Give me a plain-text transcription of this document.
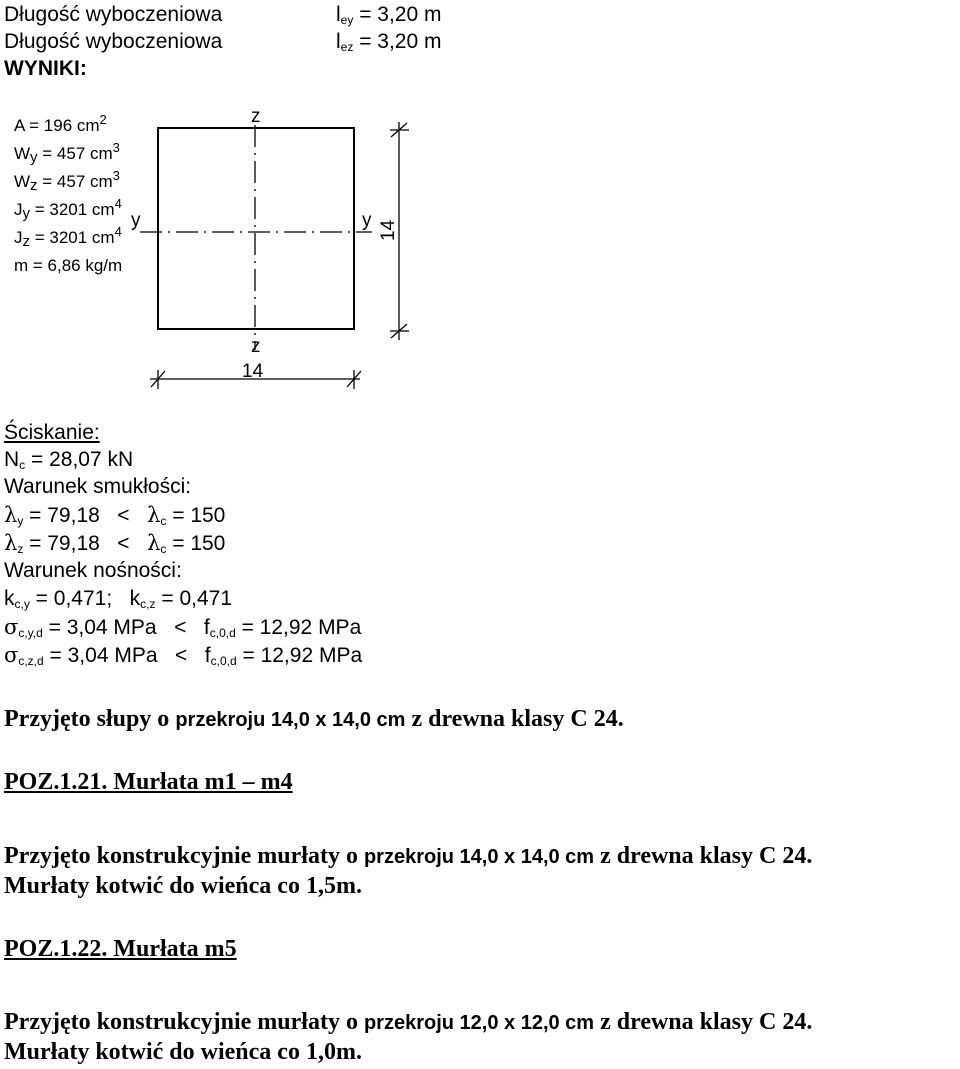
Długość wyboczeniowa	$l_{ey} = 3,20$ m
Długość wyboczeniowa	$l_{ez} = 3,20$ m
WYNIKI:
A = 196 $cm^2$
Wy = 457 $cm^3$
Wz = 457 $cm^3$
Jy = 3201 $cm^4$
Jz = 3201 $cm^4$
m = 6,86 kg/m
z
z
y	y
14
14
Ściskanie:
$N_c = 28,07$ kN
Warunek smukłości:
$\lambda_y = 79,18 < \lambda_c = 150$
$\lambda_z = 79,18 < \lambda_c = 150$
Warunek nośności:
$k_{c,y} = 0,471$;   $k_{c,z} = 0,471$
$\sigma_{c,y,d} = 3,04$ MPa   <   $f_{c,0,d} = 12,92$ MPa
$\sigma_{c,z,d} = 3,04$ MPa   <   $f_{c,0,d} = 12,92$ MPa
Przyjęto słupy o przekroju 14,0 x 14,0 cm z drewna klasy C 24.
POZ.1.21. Murłata m1 – m4
Przyjęto konstrukcyjnie murłaty o przekroju 14,0 x 14,0 cm z drewna klasy C 24.
Murłaty kotwić do wieńca co 1,5m.
POZ.1.22. Murłata m5
Przyjęto konstrukcyjnie murłaty o przekroju 12,0 x 12,0 cm z drewna klasy C 24.
Murłaty kotwić do wieńca co 1,0m.
